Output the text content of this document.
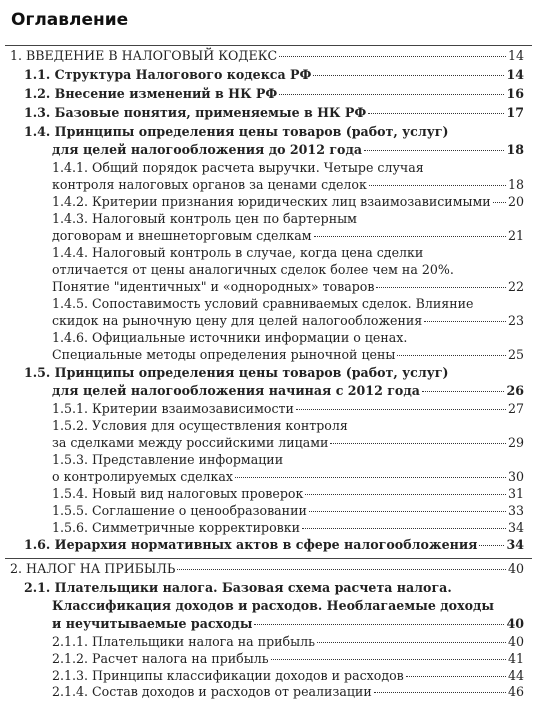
Оглавление
1. ВВЕДЕНИЕ В НАЛОГОВЫЙ КОДЕКС	14
1.1. Структура Налогового кодекса РФ	14
1.2. Внесение изменений в НК РФ	16
1.3. Базовые понятия, применяемые в НК РФ	17
1.4. Принципы определения цены товаров (работ, услуг)
для целей налогообложения до 2012 года	18
1.4.1. Общий порядок расчета выручки. Четыре случая
контроля налоговых органов за ценами сделок	18
1.4.2. Критерии признания юридических лиц взаимозависимыми 20
1.4.3. Налоговый контроль цен по бартерным
договорам и внешнеторговым сделкам	21
1.4.4. Налоговый контроль в случае, когда цена сделки
отличается от цены аналогичных сделок более чем на 20%.
Понятие "идентичных" и «однородных» товаров	22
1.4.5. Сопоставимость условий сравниваемых сделок. Влияние
скидок на рыночную цену для целей налогообложения	23
1.4.6. Официальные источники информации о ценах.
Специальные методы определения рыночной цены	25
1.5. Принципы определения цены товаров (работ, услуг)
для целей налогообложения начиная с 2012 года	26
1.5.1. Критерии взаимозависимости	27
1.5.2. Условия для осуществления контроля
за сделками между российскими лицами	29
1.5.3. Представление информации
о контролируемых сделках	30
1.5.4. Новый вид налоговых проверок	31
1.5.5. Соглашение о ценообразовании	33
1.5.6. Симметричные корректировки	34
1.6. Иерархия нормативных актов в сфере налогообложения 34
2. НАЛОГ НА ПРИБЫЛЬ	40
2.1. Плательщики налога. Базовая схема расчета налога.
Классификация доходов и расходов. Необлагаемые доходы
и неучитываемые расходы	40
2.1.1. Плательщики налога на прибыль	40
2.1.2. Расчет налога на прибыль	41
2.1.3. Принципы классификации доходов и расходов	44
2.1.4. Состав доходов и расходов от реализации	46
